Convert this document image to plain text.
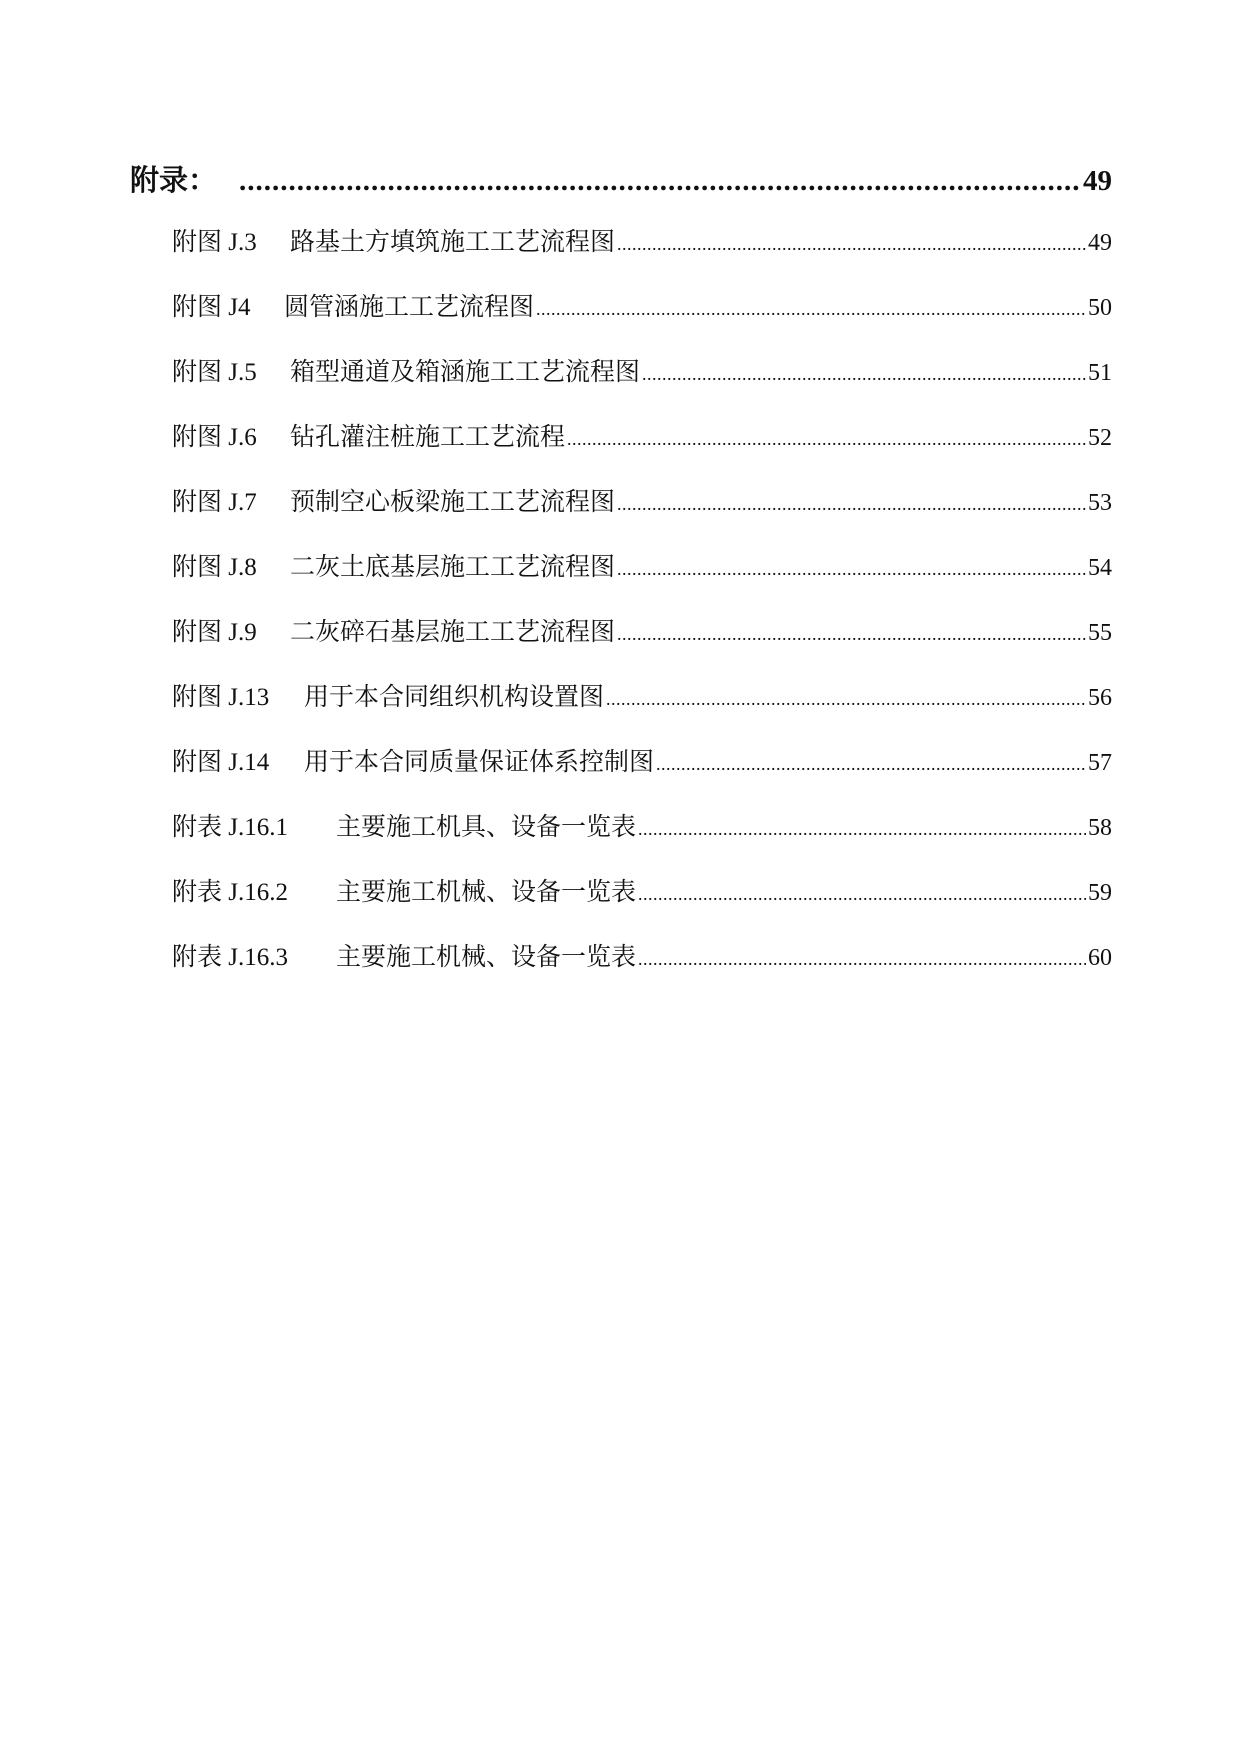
附录： .....	49
附图 J.3	路基土方填筑施工工艺流程图 .....	49
附图 J4	圆管涵施工工艺流程图 .....	50
附图 J.5	箱型通道及箱涵施工工艺流程图 .....	51
附图 J.6	钻孔灌注桩施工工艺流程 .....	52
附图 J.7	预制空心板梁施工工艺流程图 .....	53
附图 J.8	二灰土底基层施工工艺流程图 .....	54
附图 J.9	二灰碎石基层施工工艺流程图 .....	55
附图 J.13	用于本合同组织机构设置图 .....	56
附图 J.14	用于本合同质量保证体系控制图 .....	57
附表 J.16.1	主要施工机具、设备一览表 .....	58
附表 J.16.2	主要施工机械、设备一览表 .....	59
附表 J.16.3	主要施工机械、设备一览表 .....	60
